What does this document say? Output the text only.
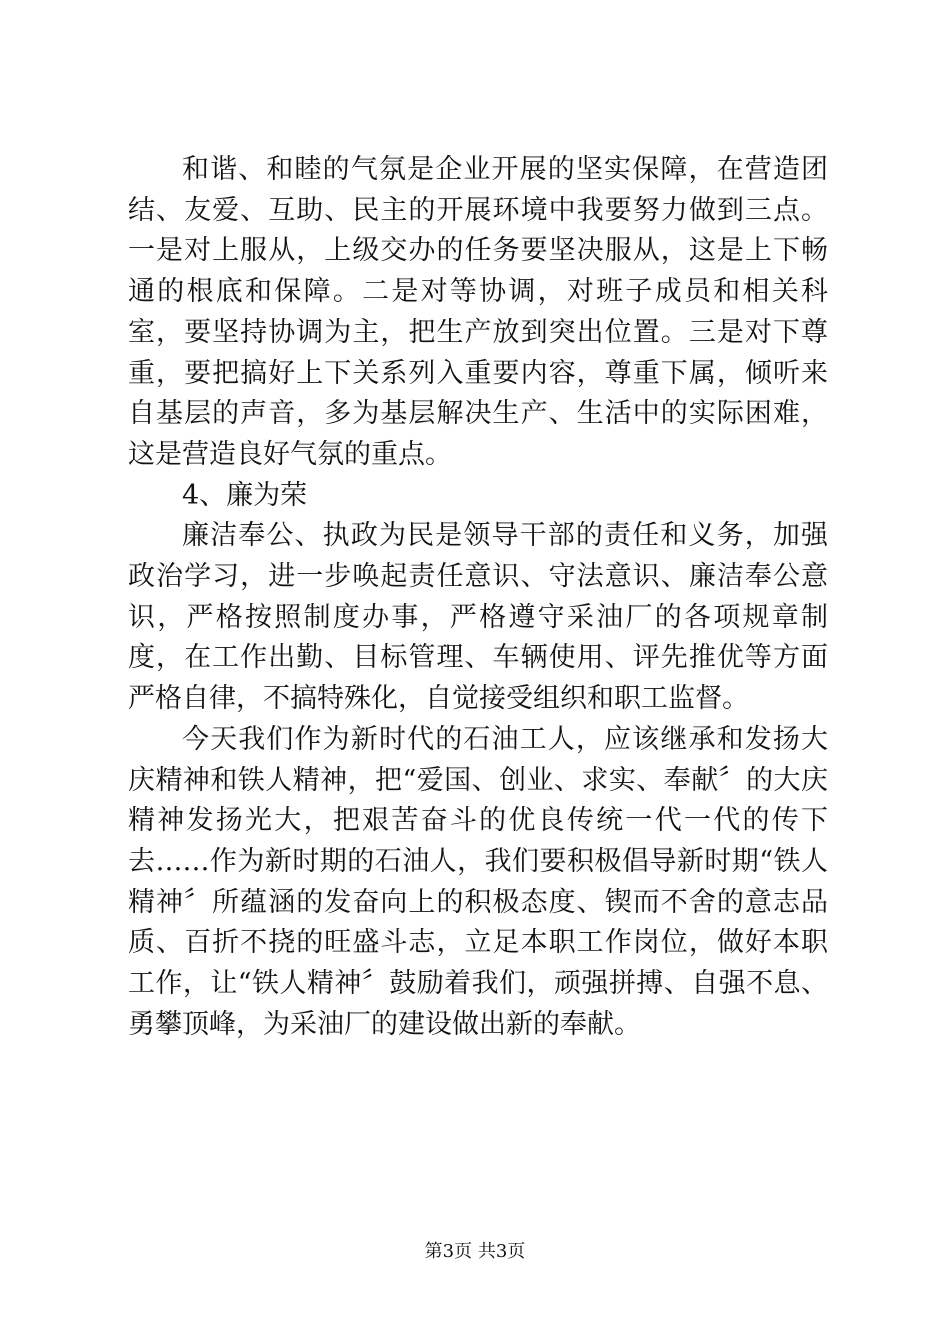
和谐、和睦的气氛是企业开展的坚实保障，在营造团结、友爱、互助、民主的开展环境中我要努力做到三点。一是对上服从，上级交办的任务要坚决服从，这是上下畅通的根底和保障。二是对等协调，对班子成员和相关科室，要坚持协调为主，把生产放到突出位置。三是对下尊重，要把搞好上下关系列入重要内容，尊重下属，倾听来自基层的声音，多为基层解决生产、生活中的实际困难，这是营造良好气氛的重点。

4、廉为荣

廉洁奉公、执政为民是领导干部的责任和义务，加强政治学习，进一步唤起责任意识、守法意识、廉洁奉公意识，严格按照制度办事，严格遵守采油厂的各项规章制度，在工作出勤、目标管理、车辆使用、评先推优等方面严格自律，不搞特殊化，自觉接受组织和职工监督。

今天我们作为新时代的石油工人，应该继承和发扬大庆精神和铁人精神，把“爱国、创业、求实、奉献〞的大庆精神发扬光大，把艰苦奋斗的优良传统一代一代的传下去……作为新时期的石油人，我们要积极倡导新时期“铁人精神〞所蕴涵的发奋向上的积极态度、锲而不舍的意志品质、百折不挠的旺盛斗志，立足本职工作岗位，做好本职工作，让“铁人精神〞鼓励着我们，顽强拼搏、自强不息、勇攀顶峰，为采油厂的建设做出新的奉献。

第3页 共3页
